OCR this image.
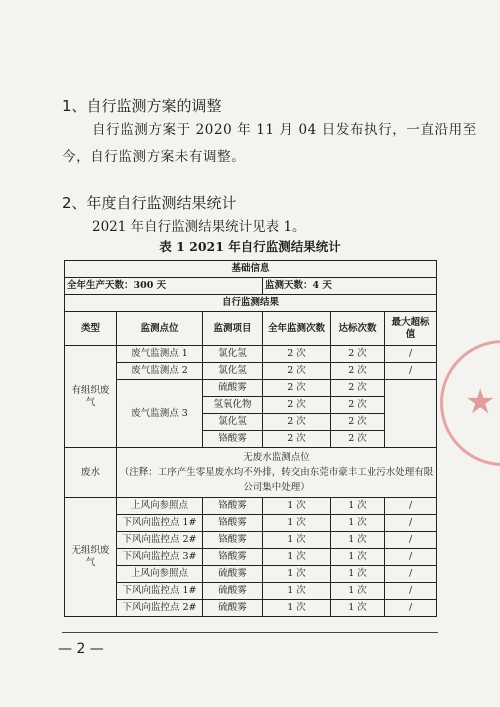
1、自行监测方案的调整
自行监测方案于 2020 年 11 月 04 日发布执行，一直沿用至
今，自行监测方案未有调整。
2、年度自行监测结果统计
2021 年自行监测结果统计见表 1。
表 1 2021 年自行监测结果统计
基础信息					
全年生产天数：300 天			监测天数：4 天		
自行监测结果					
类型	监测点位	监测项目	全年监测次数	达标次数	最大超标值
有组织废气	废气监测点 1	氯化氢	2 次	2 次	/
	废气监测点 2	氯化氢	2 次	2 次	/
	废气监测点 3	硫酸雾	2 次	2 次	
		氢氧化物	2 次	2 次	
		氯化氢	2 次	2 次	
		铬酸雾	2 次	2 次	
废水	无废水监测点位
（注释：工序产生零星废水均不外排，转交由东莞市豪丰工业污水处理有限公司集中处理）				

无组织废气	上风向参照点	铬酸雾	1 次	1 次	/
	下风向监控点 1#	铬酸雾	1 次	1 次	/
	下风向监控点 2#	铬酸雾	1 次	1 次	/
	下风向监控点 3#	铬酸雾	1 次	1 次	/
	上风向参照点	硫酸雾	1 次	1 次	/
	下风向监控点 1#	硫酸雾	1 次	1 次	/
	下风向监控点 2#	硫酸雾	1 次	1 次	/
— 2 —
★
